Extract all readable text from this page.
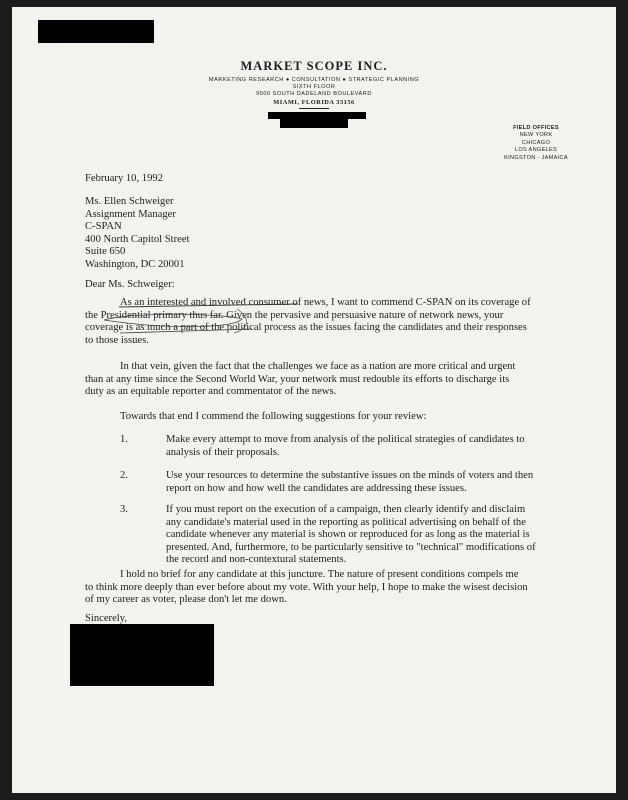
MARKET SCOPE INC.
MARKETING RESEARCH ● CONSULTATION ● STRATEGIC PLANNING
SIXTH FLOOR
9500 SOUTH DADELAND BOULEVARD
MIAMI, FLORIDA 33156
FIELD OFFICES
NEW YORK
CHICAGO
LOS ANGELES
KINGSTON - JAMAICA
February 10, 1992
Ms. Ellen Schweiger
Assignment Manager
C-SPAN
400 North Capitol Street
Suite 650
Washington, DC 20001
Dear Ms. Schweiger:
As an interested and involved consumer of news, I want to commend C-SPAN on its coverage of
the Presidential primary thus far. Given the pervasive and persuasive nature of network news, your
coverage is as much a part of the political process as the issues facing the candidates and their responses
to those issues.
In that vein, given the fact that the challenges we face as a nation are more critical and urgent
than at any time since the Second World War, your network must redouble its efforts to discharge its
duty as an equitable reporter and commentator of the news.
Towards that end I commend the following suggestions for your review:
1.	Make every attempt to move from analysis of the political strategies of candidates to
analysis of their proposals.
2.	Use your resources to determine the substantive issues on the minds of voters and then
report on how and how well the candidates are addressing these issues.
3.	If you must report on the execution of a campaign, then clearly identify and disclaim
any candidate's material used in the reporting as political advertising on behalf of the
candidate whenever any material is shown or reproduced for as long as the material is
presented. And, furthermore, to be particularly sensitive to "technical" modifications of
the record and non-contextural statements.
I hold no brief for any candidate at this juncture. The nature of present conditions compels me
to think more deeply than ever before about my vote. With your help, I hope to make the wisest decision
of my career as voter, please don't let me down.
Sincerely,
